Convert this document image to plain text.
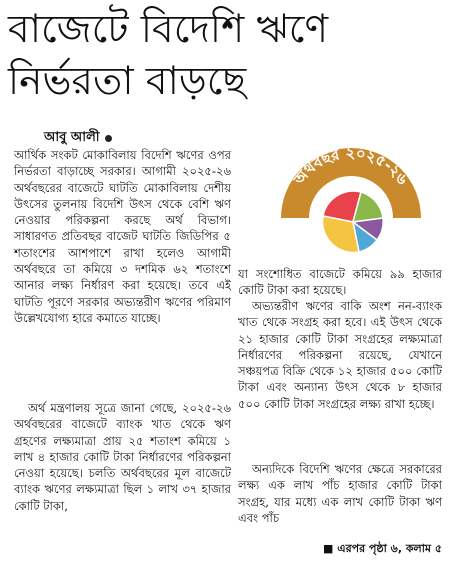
বাজেটে বিদেশি ঋণে
নির্ভরতা বাড়ছে
আবু আলী
অর্থবছর ২০২৫-২৬

আর্থিক সংকট মোকাবিলায় বিদেশি ঋণের ওপর নির্ভরতা বাড়াচ্ছে সরকার। আগামী ২০২৫-২৬ অর্থবছরের বাজেটে ঘাটতি মোকাবিলায় দেশীয় উৎসের তুলনায় বিদেশি উৎস থেকে বেশি ঋণ নেওয়ার পরিকল্পনা করছে অর্থ বিভাগ। সাধারণত প্রতিবছর বাজেট ঘাটতি জিডিপির ৫ শতাংশের আশপাশে রাখা হলেও আগামী অর্থবছরে তা কমিয়ে ৩ দশমিক ৬২ শতাংশে আনার লক্ষ্য নির্ধারণ করা হয়েছে। তবে এই ঘাটতি পূরণে সরকার অভ্যন্তরীণ ঋণের পরিমাণ উল্লেখযোগ্য হারে কমাতে যাচ্ছে।

অর্থ মন্ত্রণালয় সূত্রে জানা গেছে, ২০২৫-২৬ অর্থবছরের বাজেটে ব্যাংক খাত থেকে ঋণ গ্রহণের লক্ষ্যমাত্রা প্রায় ২৫ শতাংশ কমিয়ে ১ লাখ ৪ হাজার কোটি টাকা নির্ধারণের পরিকল্পনা নেওয়া হয়েছে। চলতি অর্থবছরের মূল বাজেটে ব্যাংক ঋণের লক্ষ্যমাত্রা ছিল ১ লাখ ৩৭ হাজার কোটি টাকা,

যা সংশোধিত বাজেটে কমিয়ে ৯৯ হাজার কোটি টাকা করা হয়েছে।

অভ্যন্তরীণ ঋণের বাকি অংশ নন-ব্যাংক খাত থেকে সংগ্রহ করা হবে। এই উৎস থেকে ২১ হাজার কোটি টাকা সংগ্রহের লক্ষ্যমাত্রা নির্ধারণের পরিকল্পনা রয়েছে, যেখানে সঞ্চয়পত্র বিক্রি থেকে ১২ হাজার ৫০০ কোটি টাকা এবং অন্যান্য উৎস থেকে ৮ হাজার ৫০০ কোটি টাকা সংগ্রহের লক্ষ্য রাখা হচ্ছে।

অন্যদিকে বিদেশি ঋণের ক্ষেত্রে সরকারের লক্ষ্য এক লাখ পাঁচ হাজার কোটি টাকা সংগ্রহ, যার মধ্যে এক লাখ কোটি টাকা ঋণ এবং পাঁচ

■ এরপর পৃষ্ঠা ৬, কলাম ৫
